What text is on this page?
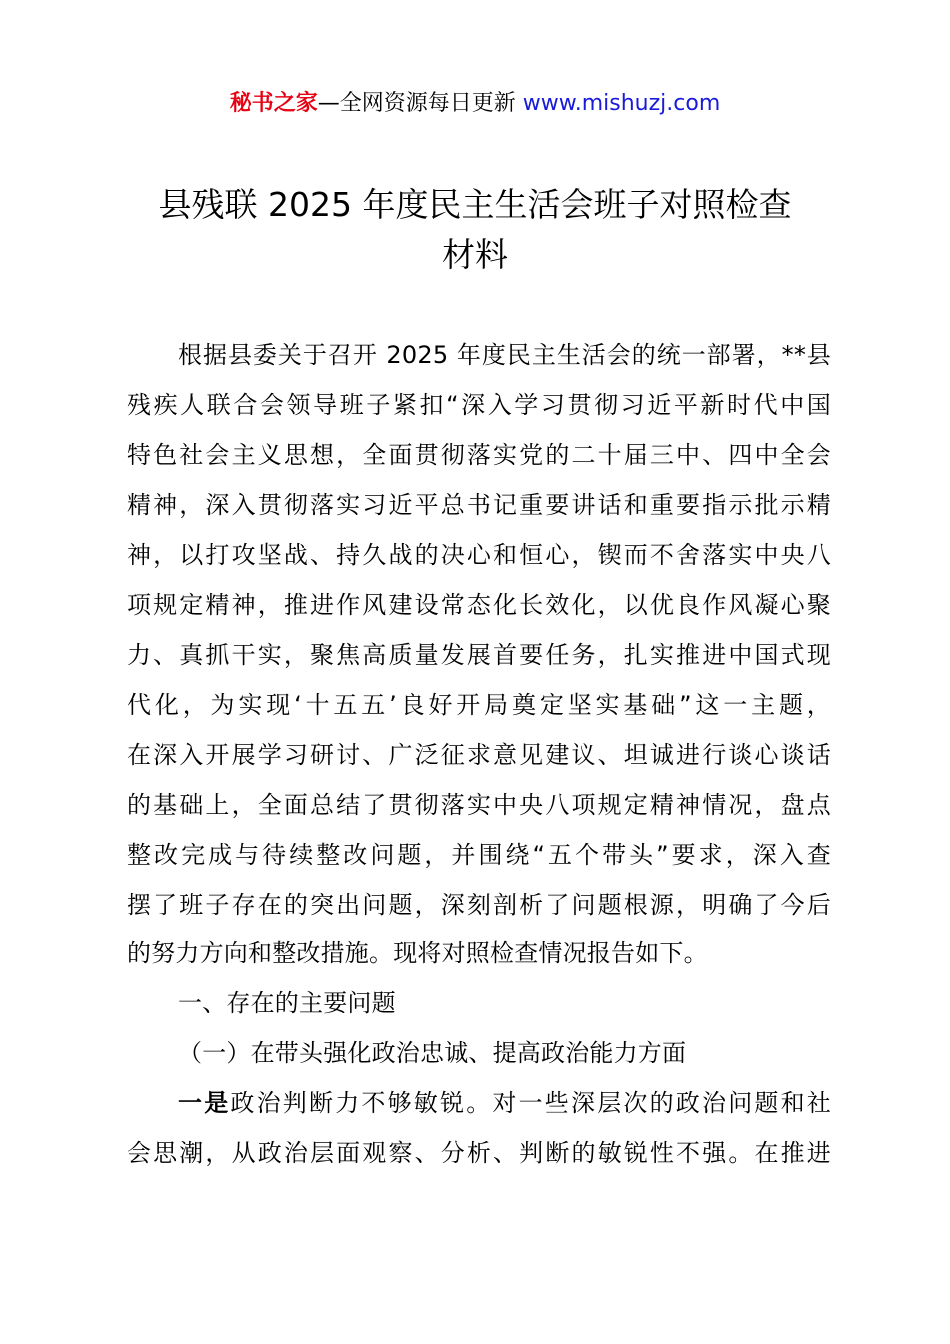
秘书之家—全网资源每日更新 www.mishuzj.com
县残联 2025 年度民主生活会班子对照检查
材料
根据县委关于召开 2025 年度民主生活会的统一部署，**县
残疾人联合会领导班子紧扣“深入学习贯彻习近平新时代中国
特色社会主义思想，全面贯彻落实党的二十届三中、四中全会
精神，深入贯彻落实习近平总书记重要讲话和重要指示批示精
神，以打攻坚战、持久战的决心和恒心，锲而不舍落实中央八
项规定精神，推进作风建设常态化长效化，以优良作风凝心聚
力、真抓干实，聚焦高质量发展首要任务，扎实推进中国式现
代化，为实现‘十五五’良好开局奠定坚实基础”这一主题，
在深入开展学习研讨、广泛征求意见建议、坦诚进行谈心谈话
的基础上，全面总结了贯彻落实中央八项规定精神情况，盘点
整改完成与待续整改问题，并围绕“五个带头”要求，深入查
摆了班子存在的突出问题，深刻剖析了问题根源，明确了今后
的努力方向和整改措施。现将对照检查情况报告如下。
一、存在的主要问题
（一）在带头强化政治忠诚、提高政治能力方面
一是政治判断力不够敏锐。对一些深层次的政治问题和社
会思潮，从政治层面观察、分析、判断的敏锐性不强。在推进
